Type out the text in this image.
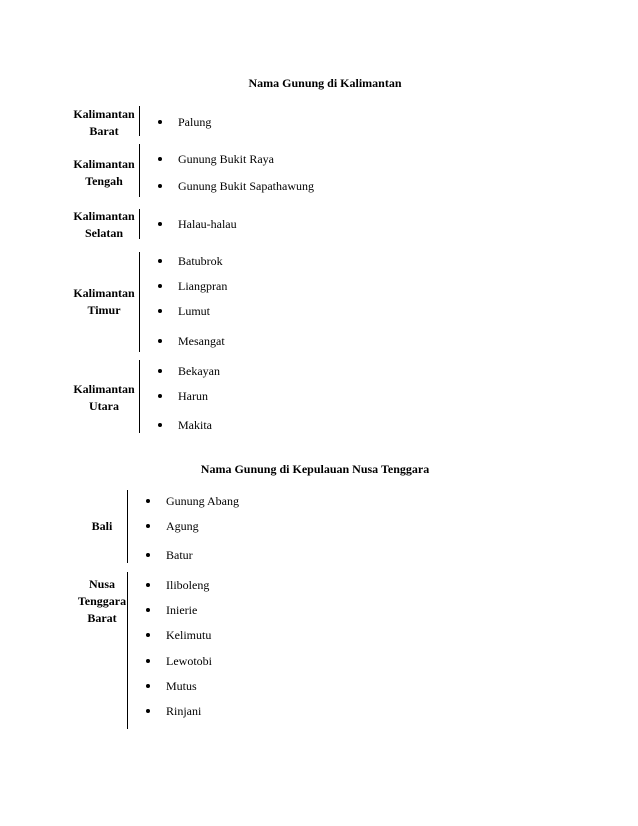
Nama Gunung di Kalimantan
Kalimantan
Barat
Palung
Kalimantan
Tengah
Gunung Bukit Raya
Gunung Bukit Sapathawung
Kalimantan
Selatan
Halau-halau
Kalimantan
Timur
Batubrok
Liangpran
Lumut
Mesangat
Kalimantan
Utara
Bekayan
Harun
Makita
Nama Gunung di Kepulauan Nusa Tenggara
Bali
Gunung Abang
Agung
Batur
Nusa
Tenggara
Barat
Iliboleng
Inierie
Kelimutu
Lewotobi
Mutus
Rinjani
